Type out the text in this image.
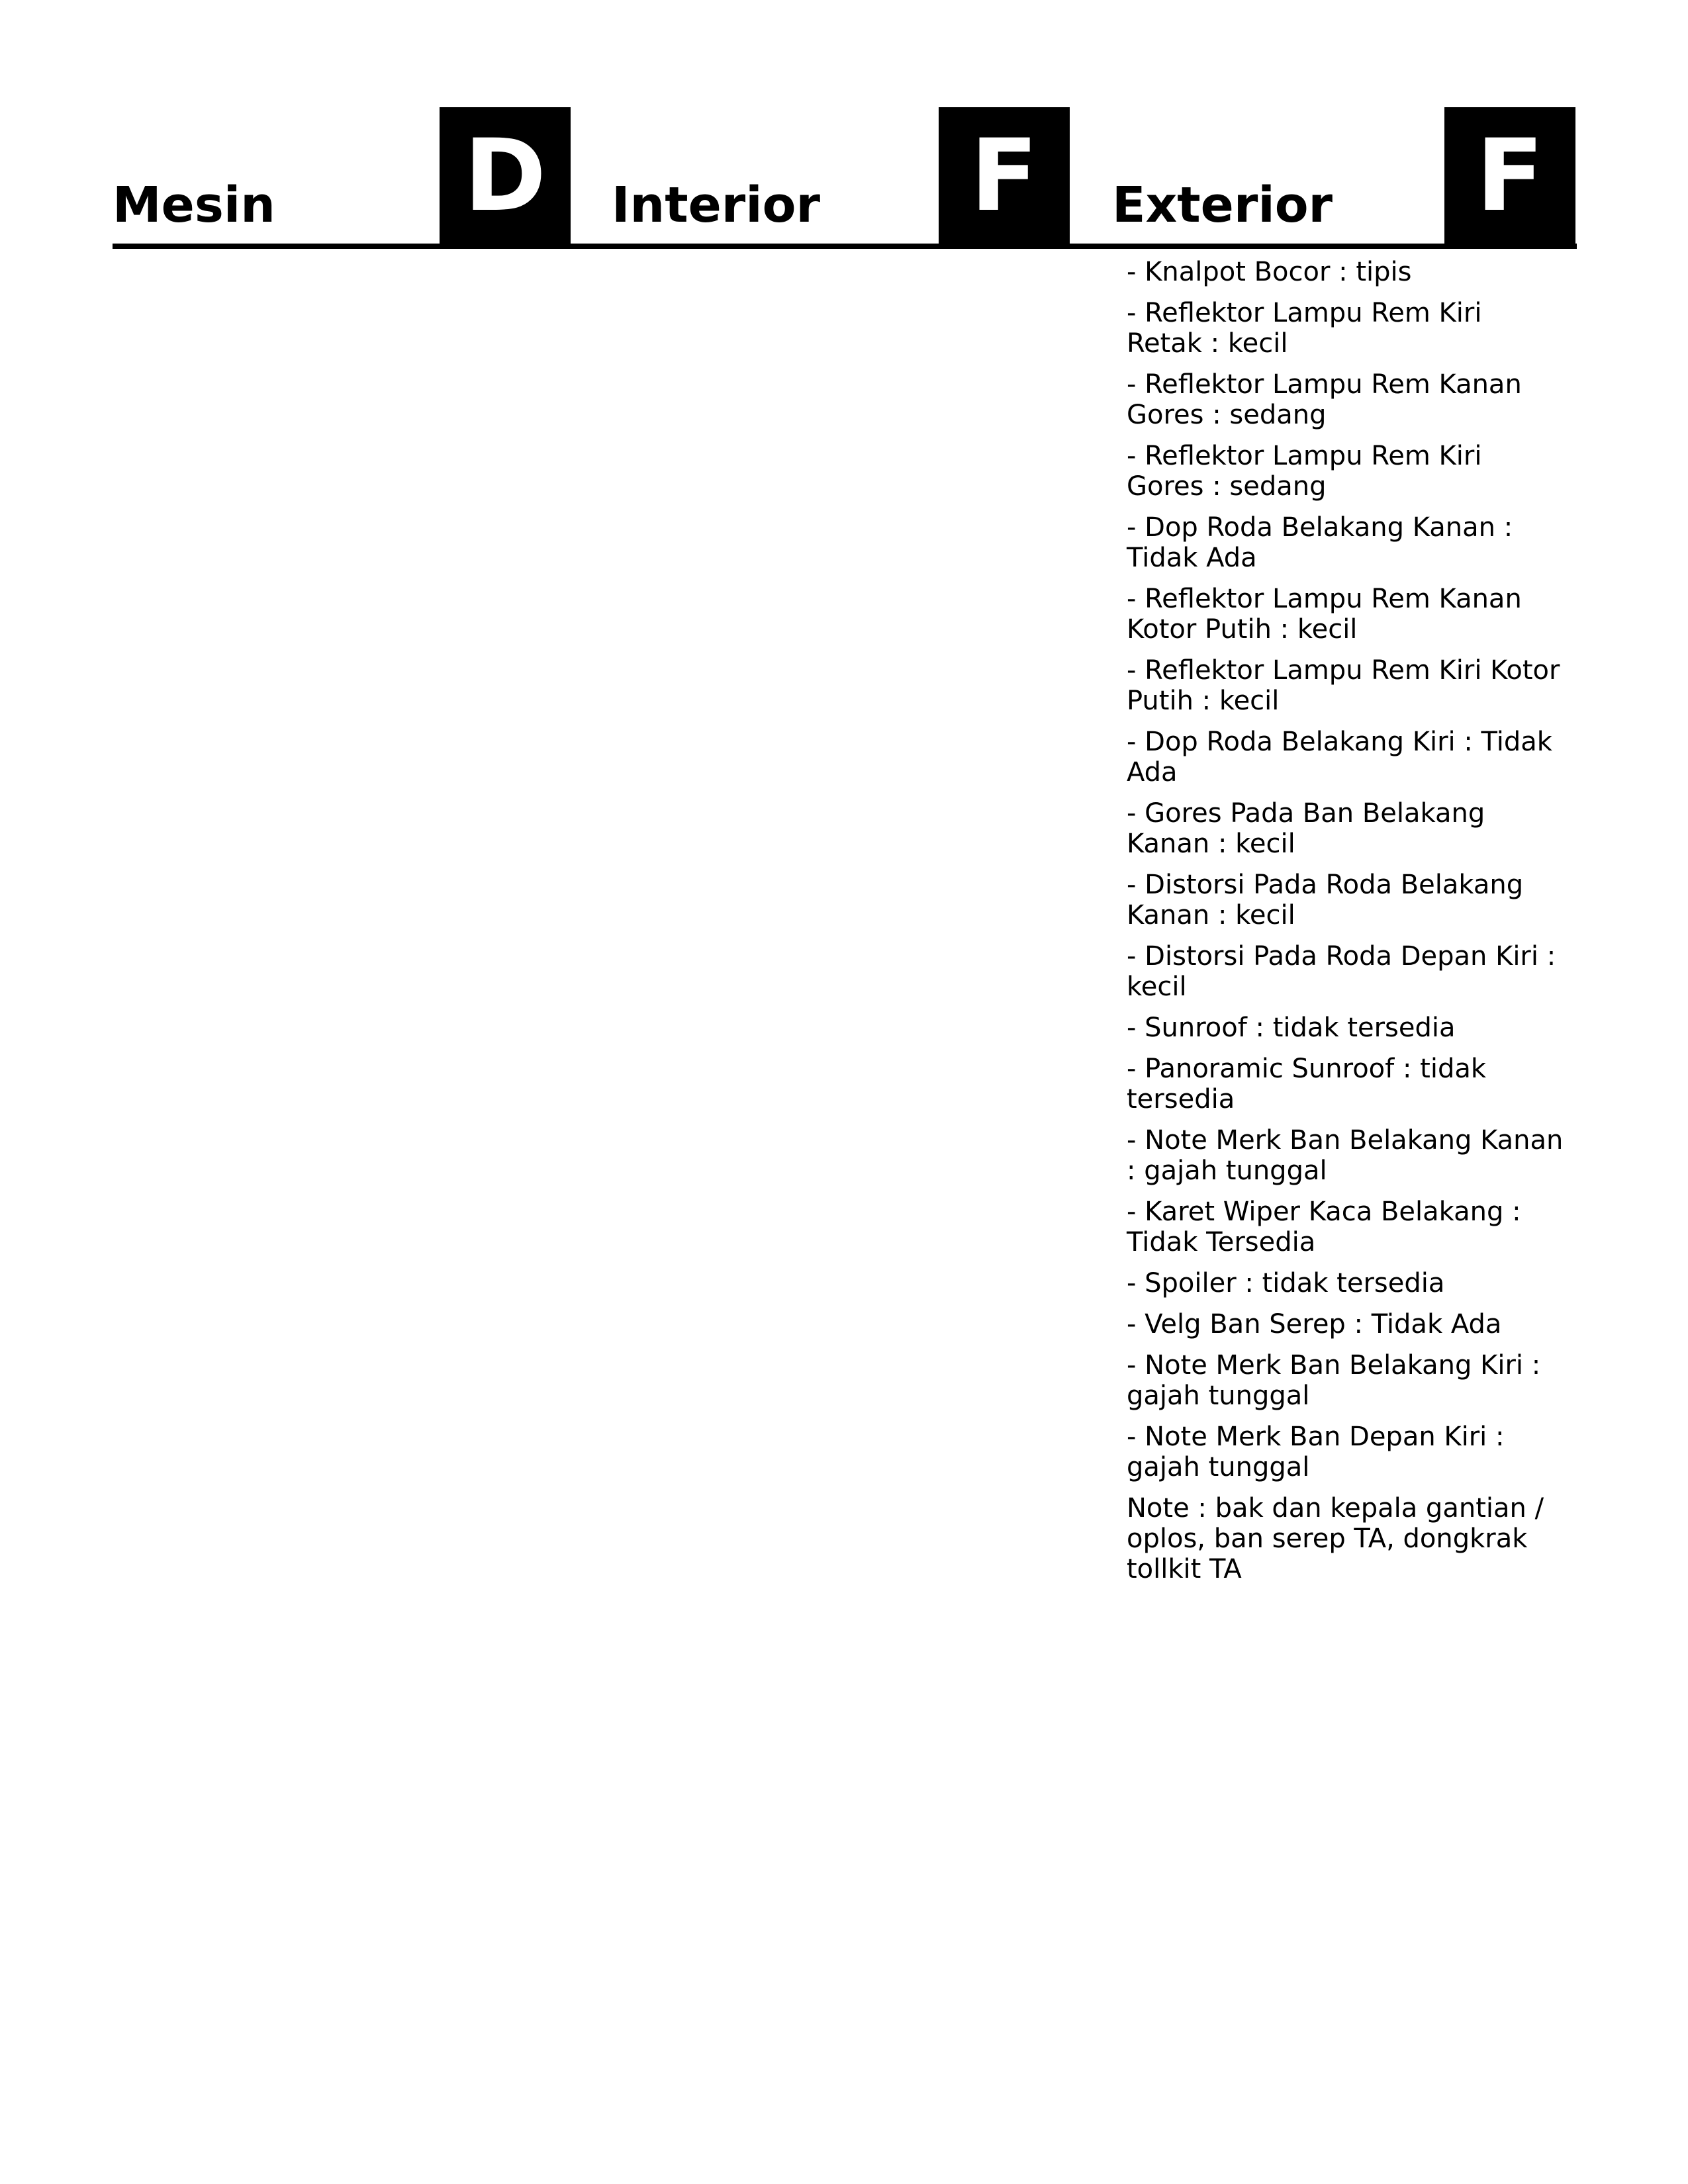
Mesin D	Interior	F	Exterior	F
- Knalpot Bocor : tipis
- Reflektor Lampu Rem Kiri Retak : kecil
- Reflektor Lampu Rem Kanan Gores : sedang
- Reflektor Lampu Rem Kiri Gores : sedang
- Dop Roda Belakang Kanan : Tidak Ada
- Reflektor Lampu Rem Kanan Kotor Putih : kecil
- Reflektor Lampu Rem Kiri Kotor Putih : kecil
- Dop Roda Belakang Kiri : Tidak Ada
- Gores Pada Ban Belakang Kanan : kecil
- Distorsi Pada Roda Belakang Kanan : kecil
- Distorsi Pada Roda Depan Kiri : kecil
- Sunroof : tidak tersedia
- Panoramic Sunroof : tidak tersedia
- Note Merk Ban Belakang Kanan : gajah tunggal
- Karet Wiper Kaca Belakang : Tidak Tersedia
- Spoiler : tidak tersedia
- Velg Ban Serep : Tidak Ada
- Note Merk Ban Belakang Kiri : gajah tunggal
- Note Merk Ban Depan Kiri : gajah tunggal
Note : bak dan kepala gantian / oplos, ban serep TA, dongkrak tollkit TA
